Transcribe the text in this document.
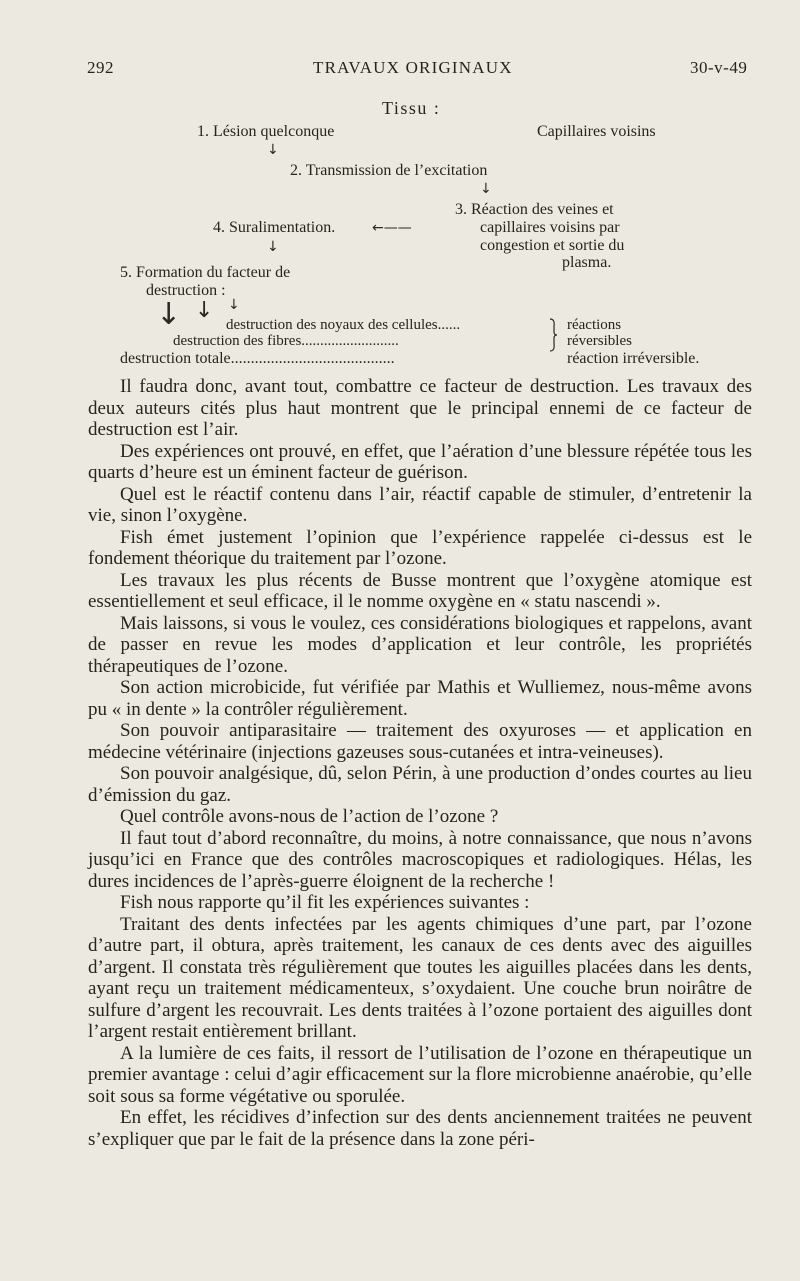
292	TRAVAUX ORIGINAUX	30-v-49
Tissu :
1. Lésion quelconque	Capillaires voisins
↓
2. Transmission de l’excitation
↓
3. Réaction des veines et
capillaires voisins par
congestion et sortie du
plasma.
4. Suralimentation.	←——
↓
5. Formation du facteur de
destruction :
↓ ↓ ↓
destruction des noyaux des cellules......
destruction des fibres..........................
réactions
réversibles
destruction totale.........................................	réaction irréversible.

Il faudra donc, avant tout, combattre ce facteur de destruction. Les travaux des deux auteurs cités plus haut montrent que le principal ennemi de ce facteur de destruction est l’air.

Des expériences ont prouvé, en effet, que l’aération d’une blessure répétée tous les quarts d’heure est un éminent facteur de guérison.

Quel est le réactif contenu dans l’air, réactif capable de stimuler, d’entretenir la vie, sinon l’oxygène.

Fish émet justement l’opinion que l’expérience rappelée ci-dessus est le fondement théorique du traitement par l’ozone.

Les travaux les plus récents de Busse montrent que l’oxygène atomique est essentiellement et seul efficace, il le nomme oxygène en « statu nascendi ».

Mais laissons, si vous le voulez, ces considérations biologiques et rappelons, avant de passer en revue les modes d’application et leur contrôle, les propriétés thérapeutiques de l’ozone.

Son action microbicide, fut vérifiée par Mathis et Wulliemez, nous-même avons pu « in dente » la contrôler régulièrement.

Son pouvoir antiparasitaire — traitement des oxyuroses — et application en médecine vétérinaire (injections gazeuses sous-cutanées et intra-veineuses).

Son pouvoir analgésique, dû, selon Périn, à une production d’ondes courtes au lieu d’émission du gaz.

Quel contrôle avons-nous de l’action de l’ozone ?

Il faut tout d’abord reconnaître, du moins, à notre connaissance, que nous n’avons jusqu’ici en France que des contrôles macroscopiques et radiologiques. Hélas, les dures incidences de l’après-guerre éloignent de la recherche !

Fish nous rapporte qu’il fit les expériences suivantes :

Traitant des dents infectées par les agents chimiques d’une part, par l’ozone d’autre part, il obtura, après traitement, les canaux de ces dents avec des aiguilles d’argent. Il constata très régulièrement que toutes les aiguilles placées dans les dents, ayant reçu un traitement médicamenteux, s’oxydaient. Une couche brun noirâtre de sulfure d’argent les recouvrait. Les dents traitées à l’ozone portaient des aiguilles dont l’argent restait entièrement brillant.

A la lumière de ces faits, il ressort de l’utilisation de l’ozone en thérapeutique un premier avantage : celui d’agir efficacement sur la flore microbienne anaérobie, qu’elle soit sous sa forme végétative ou sporulée.

En effet, les récidives d’infection sur des dents anciennement traitées ne peuvent s’expliquer que par le fait de la présence dans la zone péri-
